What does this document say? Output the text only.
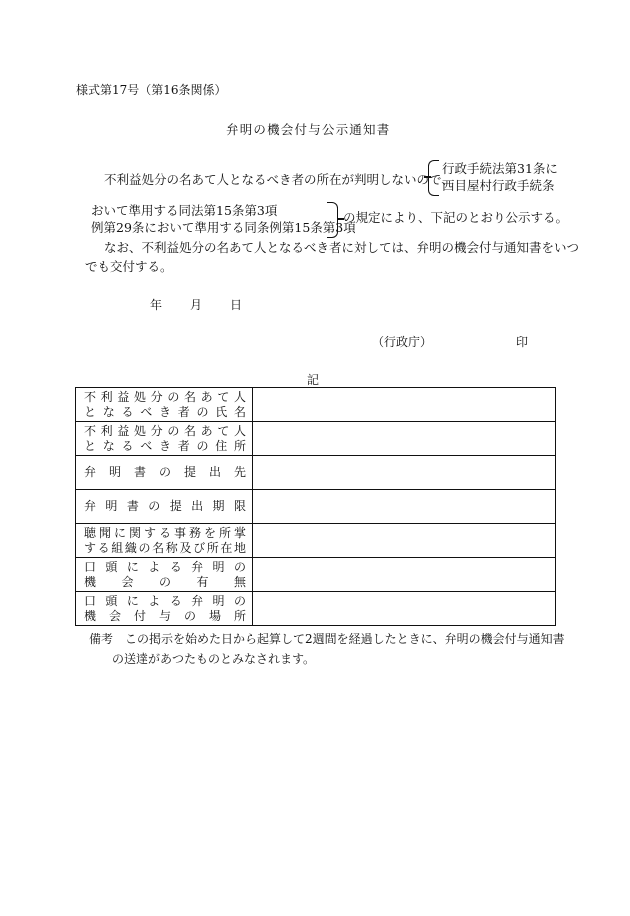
様式第17号（第16条関係）
弁明の機会付与公示通知書
不利益処分の名あて人となるべき者の所在が判明しないので、
行政手続法第31条に
西目屋村行政手続条
おいて準用する同法第15条第3項
例第29条において準用する同条例第15条第3項
の規定により、下記のとおり公示する。
なお、不利益処分の名あて人となるべき者に対しては、弁明の機会付与通知書をいつ
でも交付する。
年 月 日
（行政庁）	印
記
不利益処分の名あて人
となるべき者の氏名	

不利益処分の名あて人
となるべき者の住所	

弁明書の提出先	

弁明書の提出期限	

聴聞に関する事務を所掌
する組織の名称及び所在地	

口頭による弁明の
機会の有無	

口頭による弁明の
機会付与の場所	

備考 この掲示を始めた日から起算して2週間を経過したときに、弁明の機会付与通知書
の送達があつたものとみなされます。
